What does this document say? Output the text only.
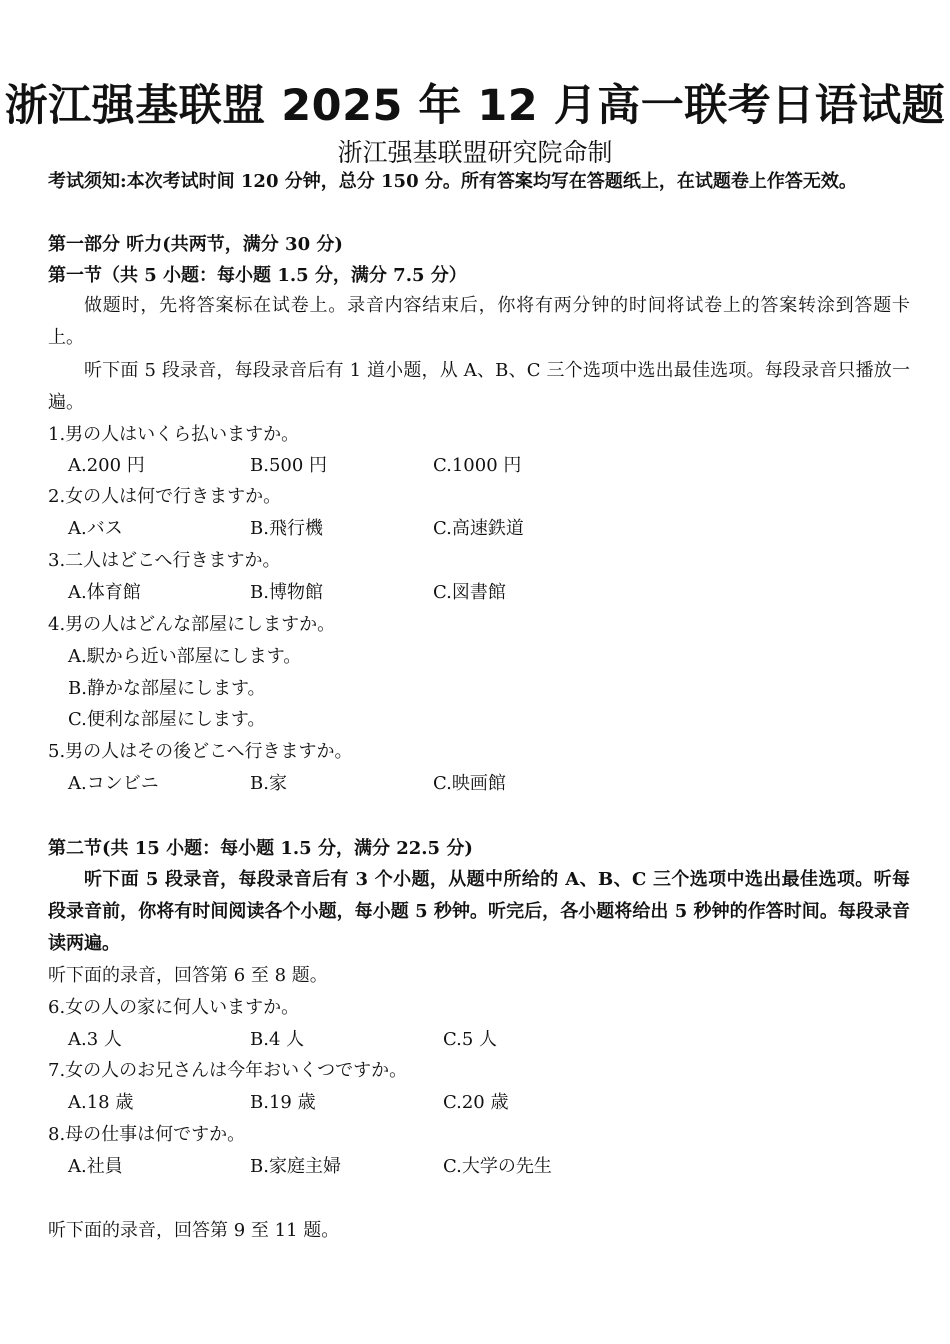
浙江强基联盟 2025 年 12 月高一联考日语试题
浙江强基联盟研究院命制
考试须知:本次考试时间 120 分钟，总分 150 分。所有答案均写在答题纸上，在试题卷上作答无效。
第一部分 听力(共两节，满分 30 分)
第一节（共 5 小题：每小题 1.5 分，满分 7.5 分）
做题时，先将答案标在试卷上。录音内容结束后，你将有两分钟的时间将试卷上的答案转涂到答题卡上。
听下面 5 段录音，每段录音后有 1 道小题，从 A、B、C 三个选项中选出最佳选项。每段录音只播放一遍。
1.男の人はいくら払いますか。
A.200 円	B.500 円	C.1000 円
2.女の人は何で行きますか。
A.バス	B.飛行機	C.高速鉄道
3.二人はどこへ行きますか。
A.体育館	B.博物館	C.図書館
4.男の人はどんな部屋にしますか。
A.駅から近い部屋にします。
B.静かな部屋にします。
C.便利な部屋にします。
5.男の人はその後どこへ行きますか。
A.コンビニ	B.家	C.映画館
第二节(共 15 小题：每小题 1.5 分，满分 22.5 分)
听下面 5 段录音，每段录音后有 3 个小题，从题中所给的 A、B、C 三个选项中选出最佳选项。听每段录音前，你将有时间阅读各个小题，每小题 5 秒钟。听完后，各小题将给出 5 秒钟的作答时间。每段录音读两遍。
听下面的录音，回答第 6 至 8 题。
6.女の人の家に何人いますか。
A.3 人	B.4 人	C.5 人
7.女の人のお兄さんは今年おいくつですか。
A.18 歳	B.19 歳	C.20 歳
8.母の仕事は何ですか。
A.社員	B.家庭主婦	C.大学の先生
听下面的录音，回答第 9 至 11 题。
